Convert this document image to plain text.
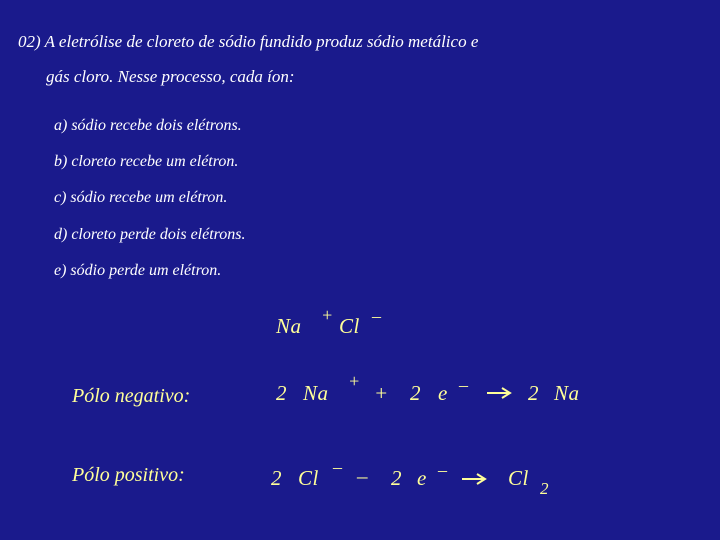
02) A eletrólise de cloreto de sódio fundido produz sódio metálico e
gás cloro. Nesse processo, cada íon:
a) sódio recebe dois elétrons.
b) cloreto recebe um elétron.
c) sódio recebe um elétron.
d) cloreto perde dois elétrons.
e) sódio perde um elétron.
Na + Cl –
Pólo negativo:	2 Na + + 2 e –	2 Na
Pólo positivo:	2 Cl – – 2 e –	Cl 2
